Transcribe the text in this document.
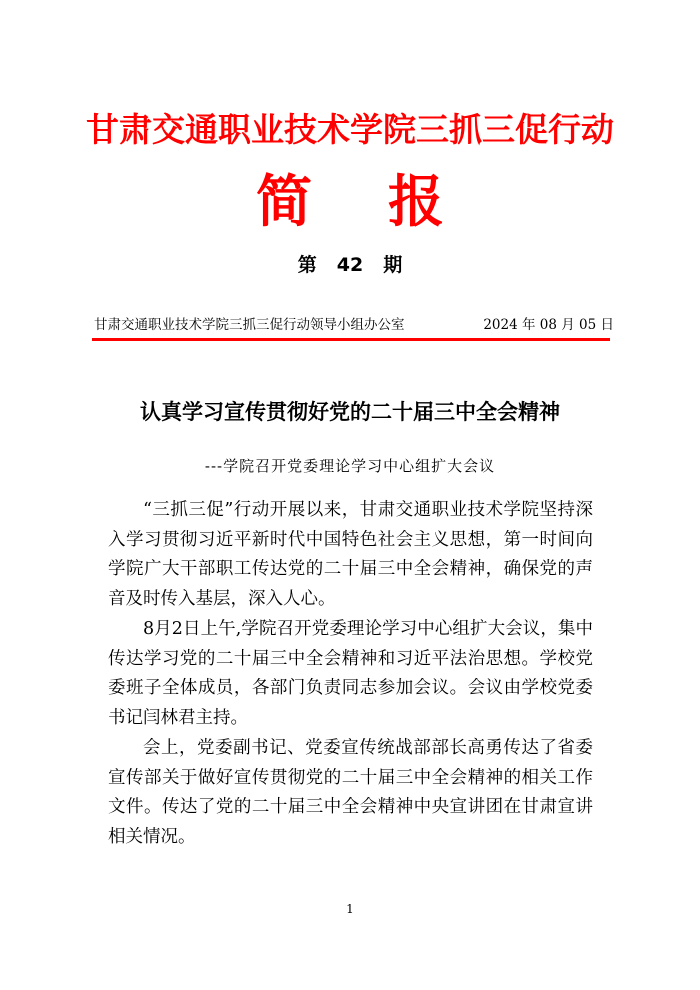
甘肃交通职业技术学院三抓三促行动
简 报
第 42 期
甘肃交通职业技术学院三抓三促行动领导小组办公室	2024 年 08 月 05 日
认真学习宣传贯彻好党的二十届三中全会精神
---学院召开党委理论学习中心组扩大会议

“三抓三促”行动开展以来，甘肃交通职业技术学院坚持深入学习贯彻习近平新时代中国特色社会主义思想，第一时间向学院广大干部职工传达党的二十届三中全会精神，确保党的声音及时传入基层，深入人心。

8月2日上午,学院召开党委理论学习中心组扩大会议，集中传达学习党的二十届三中全会精神和习近平法治思想。学校党委班子全体成员，各部门负责同志参加会议。会议由学校党委书记闫林君主持。

会上，党委副书记、党委宣传统战部部长高勇传达了省委宣传部关于做好宣传贯彻党的二十届三中全会精神的相关工作文件。传达了党的二十届三中全会精神中央宣讲团在甘肃宣讲相关情况。

1
